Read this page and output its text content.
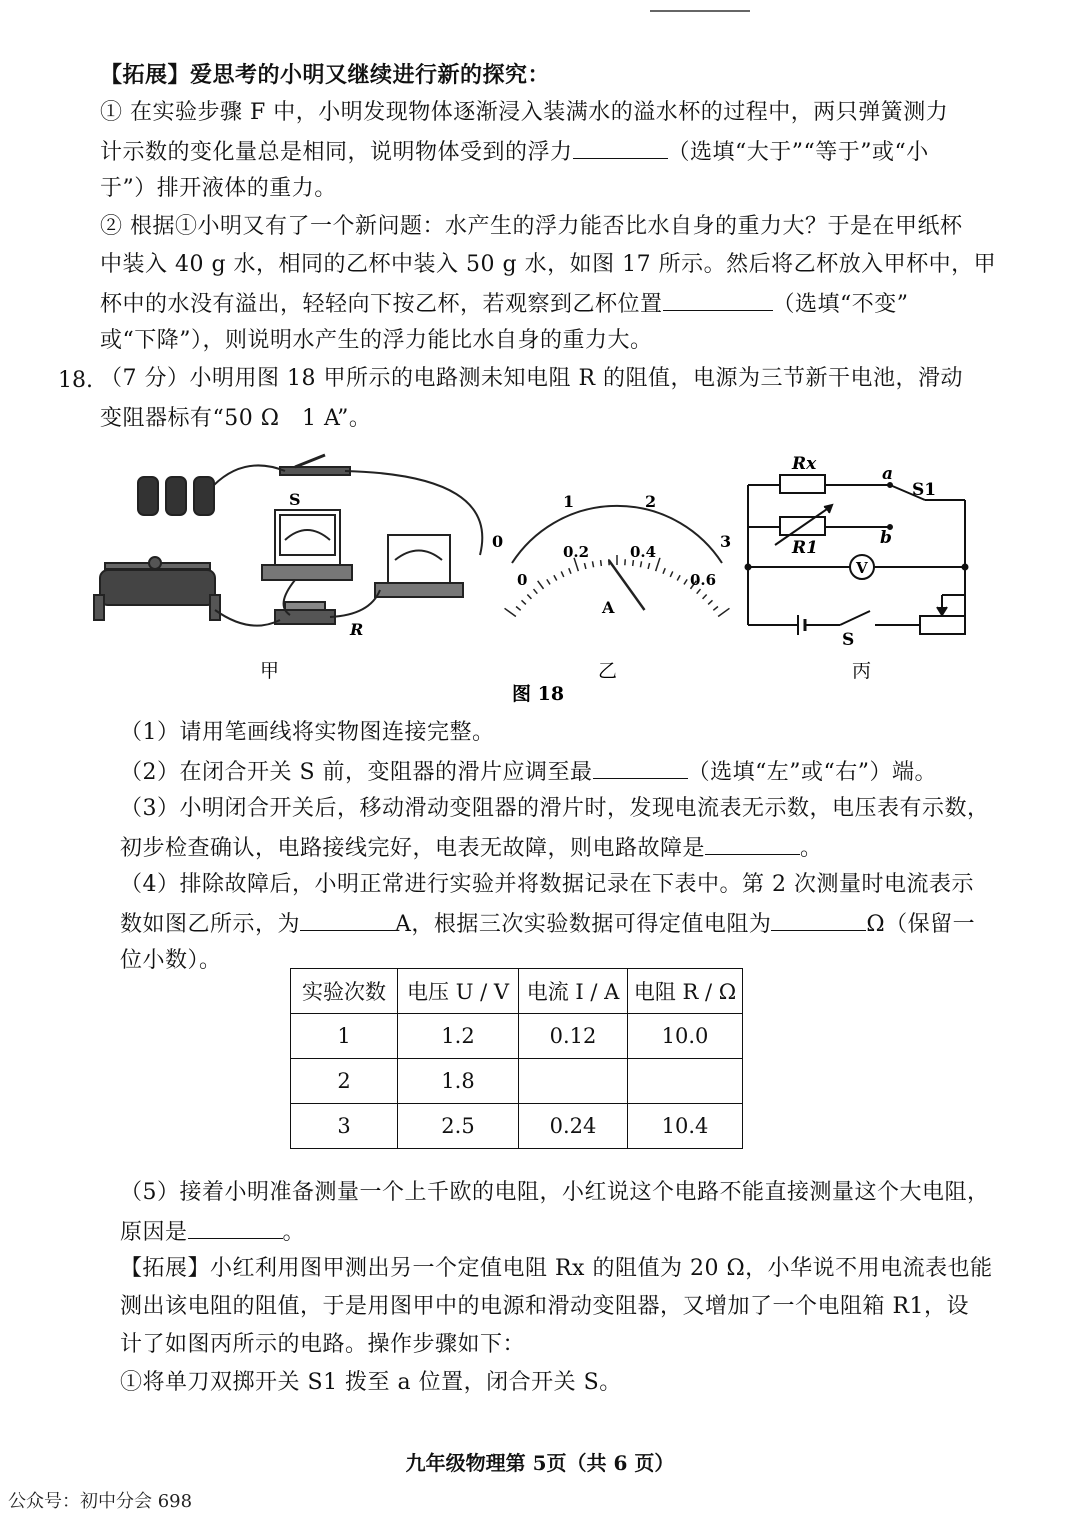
【拓展】爱思考的小明又继续进行新的探究：
① 在实验步骤 F 中，小明发现物体逐渐浸入装满水的溢水杯的过程中，两只弹簧测力
计示数的变化量总是相同，说明物体受到的浮力	（选填“大于”“等于”或“小
于”）排开液体的重力。
② 根据①小明又有了一个新问题：水产生的浮力能否比水自身的重力大？于是在甲纸杯
中装入 40 g 水，相同的乙杯中装入 50 g 水，如图 17 所示。然后将乙杯放入甲杯中，甲
杯中的水没有溢出，轻轻向下按乙杯，若观察到乙杯位置	（选填“不变”
或“下降”），则说明水产生的浮力能比水自身的重力大。
18. （7 分）小明用图 18 甲所示的电路测未知电阻 R 的阻值，电源为三节新干电池，滑动
变阻器标有“50 Ω　1 A”。
S
R
甲
0
1	2
3
0
0.2	0.4
0.6
A
乙
Rx	a
S1
R1	b
V
S
丙
图 18
（1）请用笔画线将实物图连接完整。
（2）在闭合开关 S 前，变阻器的滑片应调至最	（选填“左”或“右”）端。
（3）小明闭合开关后，移动滑动变阻器的滑片时，发现电流表无示数，电压表有示数，
初步检查确认，电路接线完好，电表无故障，则电路故障是	。
（4）排除故障后，小明正常进行实验并将数据记录在下表中。第 2 次测量时电流表示
数如图乙所示，为	A，根据三次实验数据可得定值电阻为	Ω（保留一
位小数）。
实验次数	电压 U / V	电流 I / A	电阻 R / Ω
1	1.2	0.12	10.0
2	1.8		
3	2.5	0.24	10.4
（5）接着小明准备测量一个上千欧的电阻，小红说这个电路不能直接测量这个大电阻，
原因是	。
【拓展】小红利用图甲测出另一个定值电阻 Rx 的阻值为 20 Ω，小华说不用电流表也能
测出该电阻的阻值，于是用图甲中的电源和滑动变阻器，又增加了一个电阻箱 R1，设
计了如图丙所示的电路。操作步骤如下：
①将单刀双掷开关 S1 拨至 a 位置，闭合开关 S。
九年级物理第 5页（共 6 页）
公众号：初中分会 698
